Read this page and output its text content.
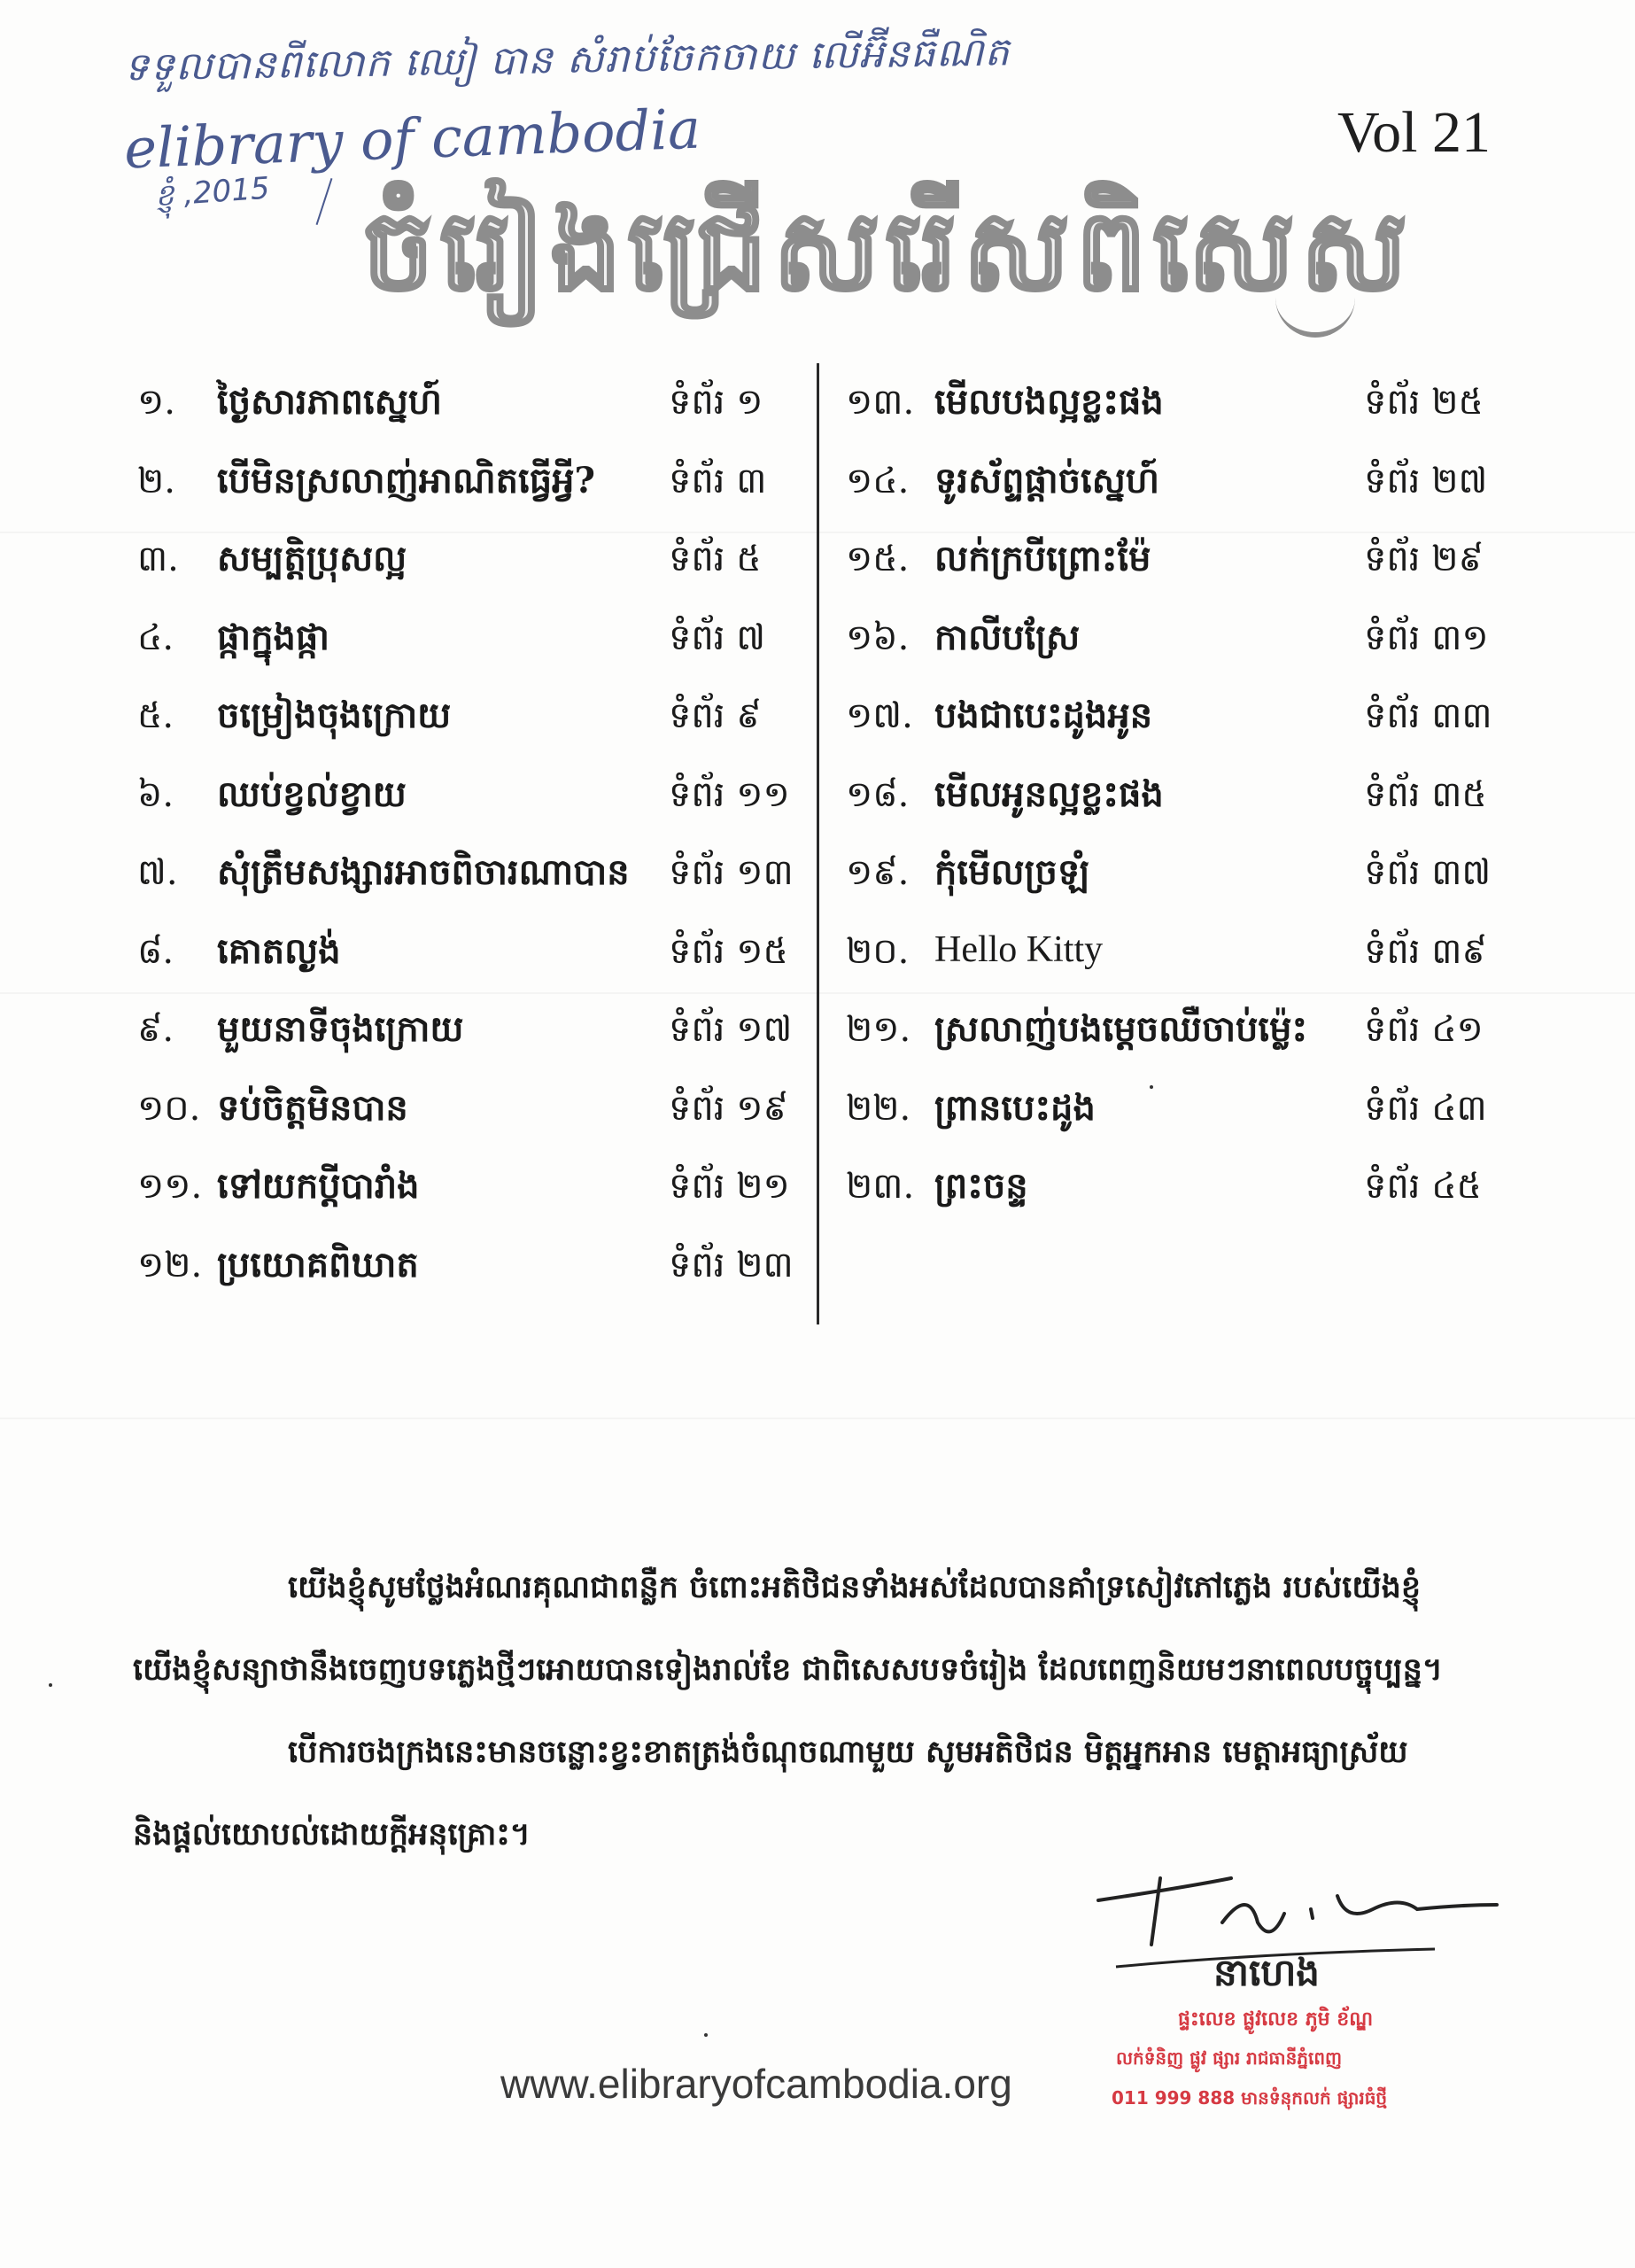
ទទួលបានពីលោក ឈៀ បាន សំរាប់ចែកចាយ លើអ៊ីនធឺណិត
elibrary of cambodia
ខ្ញុំ ,2015
Vol 21
ចំរៀងជ្រើសរើសពិសេស
១. ថ្ងៃសារភាពស្នេហ៍	ទំព័រ ១
២. បើមិនស្រលាញ់អាណិតធ្វើអ្វី? ទំព័រ ៣
៣. សម្បត្តិប្រុសល្អ	ទំព័រ ៥
៤. ផ្កាក្នុងផ្កា	ទំព័រ ៧
៥. ចម្រៀងចុងក្រោយ	ទំព័រ ៩
៦. ឈប់ខ្វល់ខ្វាយ	ទំព័រ ១១
៧. សុំត្រឹមសង្សារអាចពិចារណាបាន ទំព័រ ១៣
៨. គោតល្ងង់	ទំព័រ ១៥
៩. មួយនាទីចុងក្រោយ	ទំព័រ ១៧
១០. ទប់ចិត្តមិនបាន	ទំព័រ ១៩
១១. ទៅយកប្ដីបារាំង	ទំព័រ ២១
១២. ប្រយោគពិឃាត	ទំព័រ ២៣
១៣. មើលបងល្អខ្លះផង	ទំព័រ ២៥
១៤. ទូរស័ព្ទផ្ដាច់ស្នេហ៍	ទំព័រ ២៧
១៥. លក់ក្របីព្រោះម៉ែ	ទំព័រ ២៩
១៦. កាលីបស្រែ	ទំព័រ ៣១
១៧. បងជាបេះដូងអូន	ទំព័រ ៣៣
១៨. មើលអូនល្អខ្លះផង	ទំព័រ ៣៥
១៩. កុំមើលច្រឡំ	ទំព័រ ៣៧
២០. Hello Kitty	ទំព័រ ៣៩
២១. ស្រលាញ់បងម្ដេចឈឺចាប់ម្ល៉េះ ទំព័រ ៤១
២២. ព្រានបេះដូង	ទំព័រ ៤៣
២៣. ព្រះចន្ទ	ទំព័រ ៤៥
យើងខ្ញុំសូមថ្លែងអំណរគុណជាពន្លឺក ចំពោះអតិថិជនទាំងអស់ដែលបានគាំទ្រសៀវភៅភ្លេង របស់យើងខ្ញុំ
យើងខ្ញុំសន្យាថានឹងចេញបទភ្លេងថ្មីៗអោយបានទៀងរាល់ខែ ជាពិសេសបទចំរៀង ដែលពេញនិយមៗនាពេលបច្ចុប្បន្ន។
បើការចងក្រងនេះមានចន្លោះខ្វះខាតត្រង់ចំណុចណាមួយ សូមអតិថិជន មិត្តអ្នកអាន មេត្តាអធ្យាស្រ័យ
និងផ្ដល់យោបល់ដោយក្ដីអនុគ្រោះ។
នាហេង
ផ្ទះលេខ ផ្លូវលេខ ភូមិ ខ័ណ្ឌ
លក់ទំនិញ ផ្លូវ ផ្សារ រាជធានីភ្នំពេញ
011 999 888 មានទំនុកលក់ ផ្សារធំថ្មី
www.elibraryofcambodia.org
